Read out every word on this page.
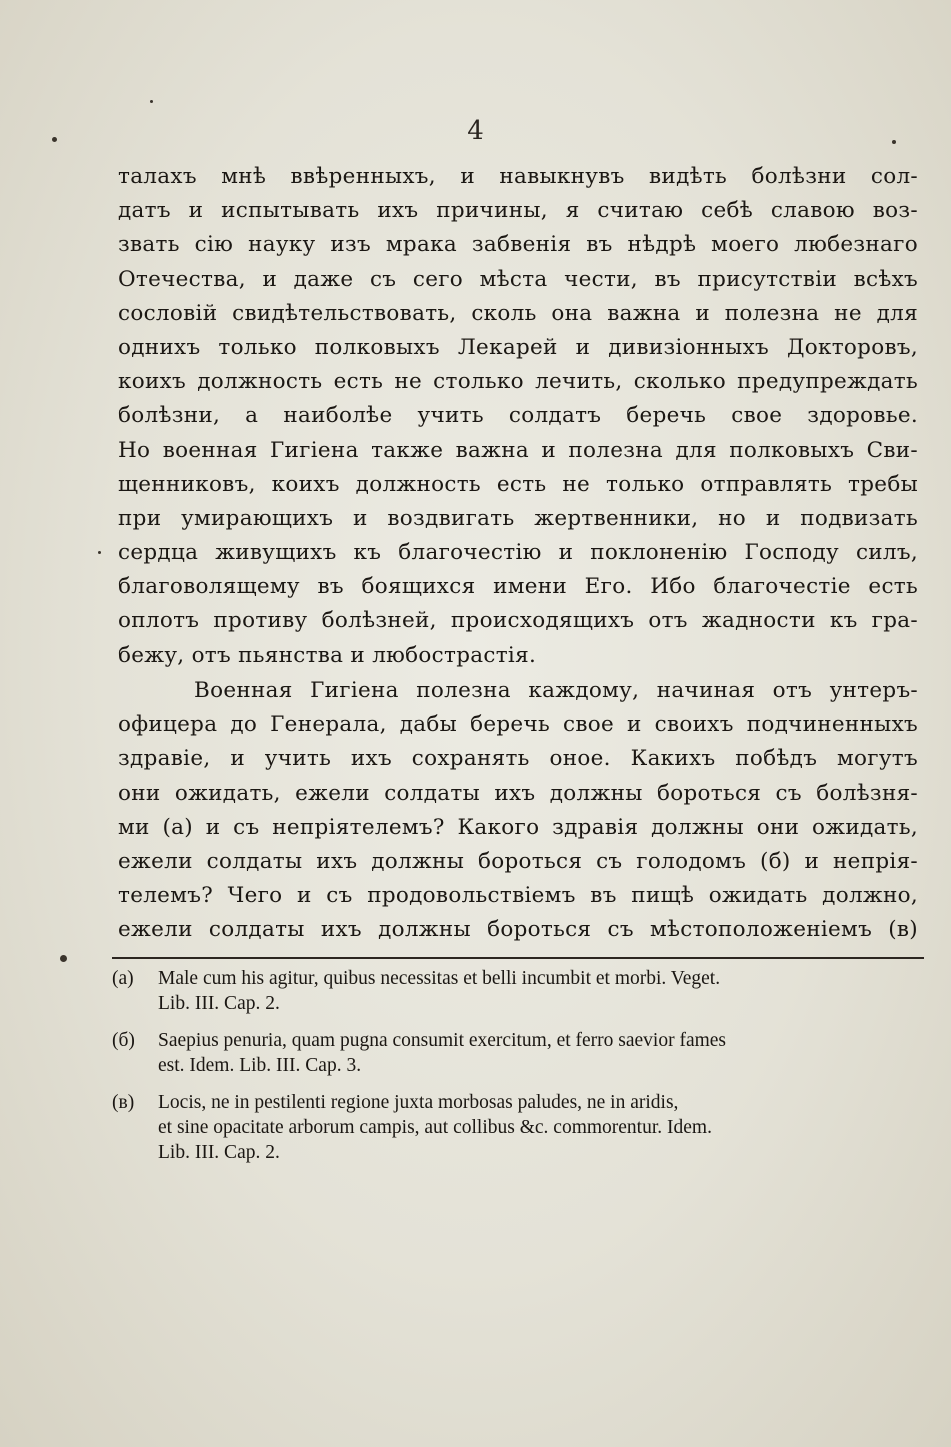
4
талахъ мнѣ ввѣренныхъ, и навыкнувъ видѣть болѣзни сол-
датъ и испытывать ихъ причины, я считаю себѣ славою воз-
звать сію науку изъ мрака забвенія въ нѣдрѣ моего любезнаго
Отечества, и даже съ сего мѣста чести, въ присутствіи всѣхъ
сословій свидѣтельствовать, сколь она важна и полезна не для
однихъ только полковыхъ Лекарей и дивизіонныхъ Докторовъ,
коихъ должность есть не столько лечить, сколько предупреждать
болѣзни, а наиболѣе учить солдатъ беречь свое здоровье.
Но военная Гигіена также важна и полезна для полковыхъ Сви-
щенниковъ, коихъ должность есть не только отправлять требы
при умирающихъ и воздвигать жертвенники, но и подвизать
сердца живущихъ къ благочестію и поклоненію Господу силъ,
благоволящему въ боящихся имени Его. Ибо благочестіе есть
оплотъ противу болѣзней, происходящихъ отъ жадности къ гра-
бежу, отъ пьянства и любострастія.
Военная Гигіена полезна каждому, начиная отъ унтеръ-
офицера до Генерала, дабы беречь свое и своихъ подчиненныхъ
здравіе, и учить ихъ сохранять оное. Какихъ побѣдъ могутъ
они ожидать, ежели солдаты ихъ должны бороться съ болѣзня-
ми (а) и съ непріятелемъ? Какого здравія должны они ожидать,
ежели солдаты ихъ должны бороться съ голодомъ (б) и непрія-
телемъ? Чего и съ продовольствіемъ въ пищѣ ожидать должно,
ежели солдаты ихъ должны бороться съ мѣстоположеніемъ (в)
(а)	Male cum his agitur, quibus necessitas et belli incumbit et morbi. Veget.
Lib. III. Cap. 2.
(б)	Saepius penuria, quam pugna consumit exercitum, et ferro saevior fames
est. Idem. Lib. III. Cap. 3.
(в)	Locis, ne in pestilenti regione juxta morbosas paludes, ne in aridis,
et sine opacitate arborum campis, aut collibus &c. commorentur. Idem.
Lib. III. Cap. 2.
